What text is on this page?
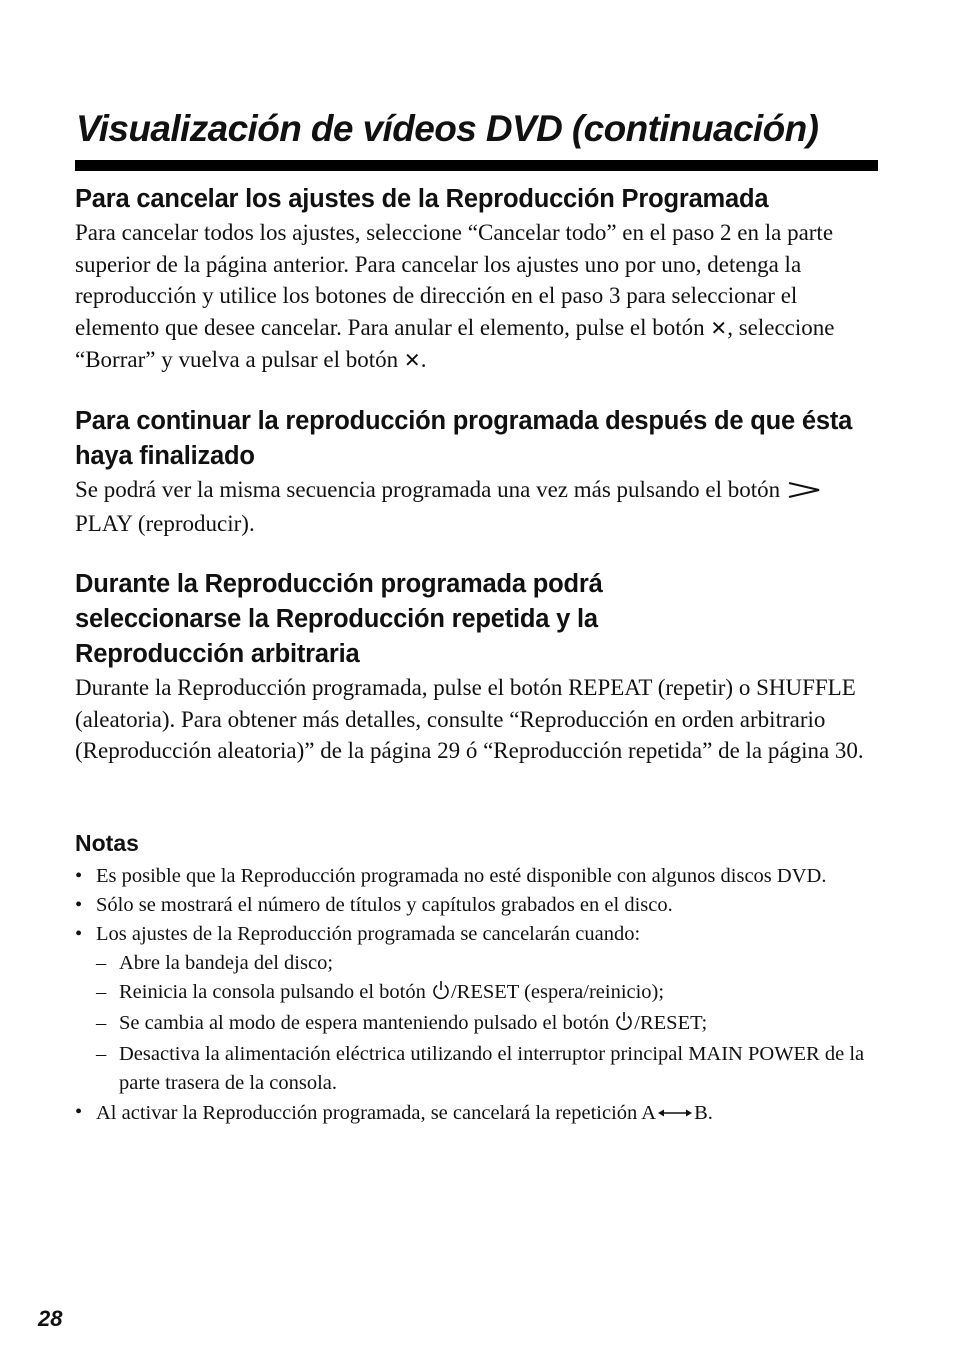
Visualización de vídeos DVD (continuación)
Para cancelar los ajustes de la Reproducción Programada

Para cancelar todos los ajustes, seleccione “Cancelar todo” en el paso 2 en la parte superior de la página anterior. Para cancelar los ajustes uno por uno, detenga la reproducción y utilice los botones de dirección en el paso 3 para seleccionar el elemento que desee cancelar. Para anular el elemento, pulse el botón ✕, seleccione “Borrar” y vuelva a pulsar el botón ✕.

Para continuar la reproducción programada después de que ésta haya finalizado

Se podrá ver la misma secuencia programada una vez más pulsando el botón PLAY (reproducir).

Durante la Reproducción programada podrá seleccionarse la Reproducción repetida y la Reproducción arbitraria

Durante la Reproducción programada, pulse el botón REPEAT (repetir) o SHUFFLE (aleatoria). Para obtener más detalles, consulte “Reproducción en orden arbitrario (Reproducción aleatoria)” de la página 29 ó “Reproducción repetida” de la página 30.

Notas
• Es posible que la Reproducción programada no esté disponible con algunos discos DVD.
• Sólo se mostrará el número de títulos y capítulos grabados en el disco.
• Los ajustes de la Reproducción programada se cancelarán cuando:
– Abre la bandeja del disco;
– Reinicia la consola pulsando el botón /RESET (espera/reinicio);
– Se cambia al modo de espera manteniendo pulsado el botón /RESET;
– Desactiva la alimentación eléctrica utilizando el interruptor principal MAIN POWER de la parte trasera de la consola.
• Al activar la Reproducción programada, se cancelará la repetición A B.
28
